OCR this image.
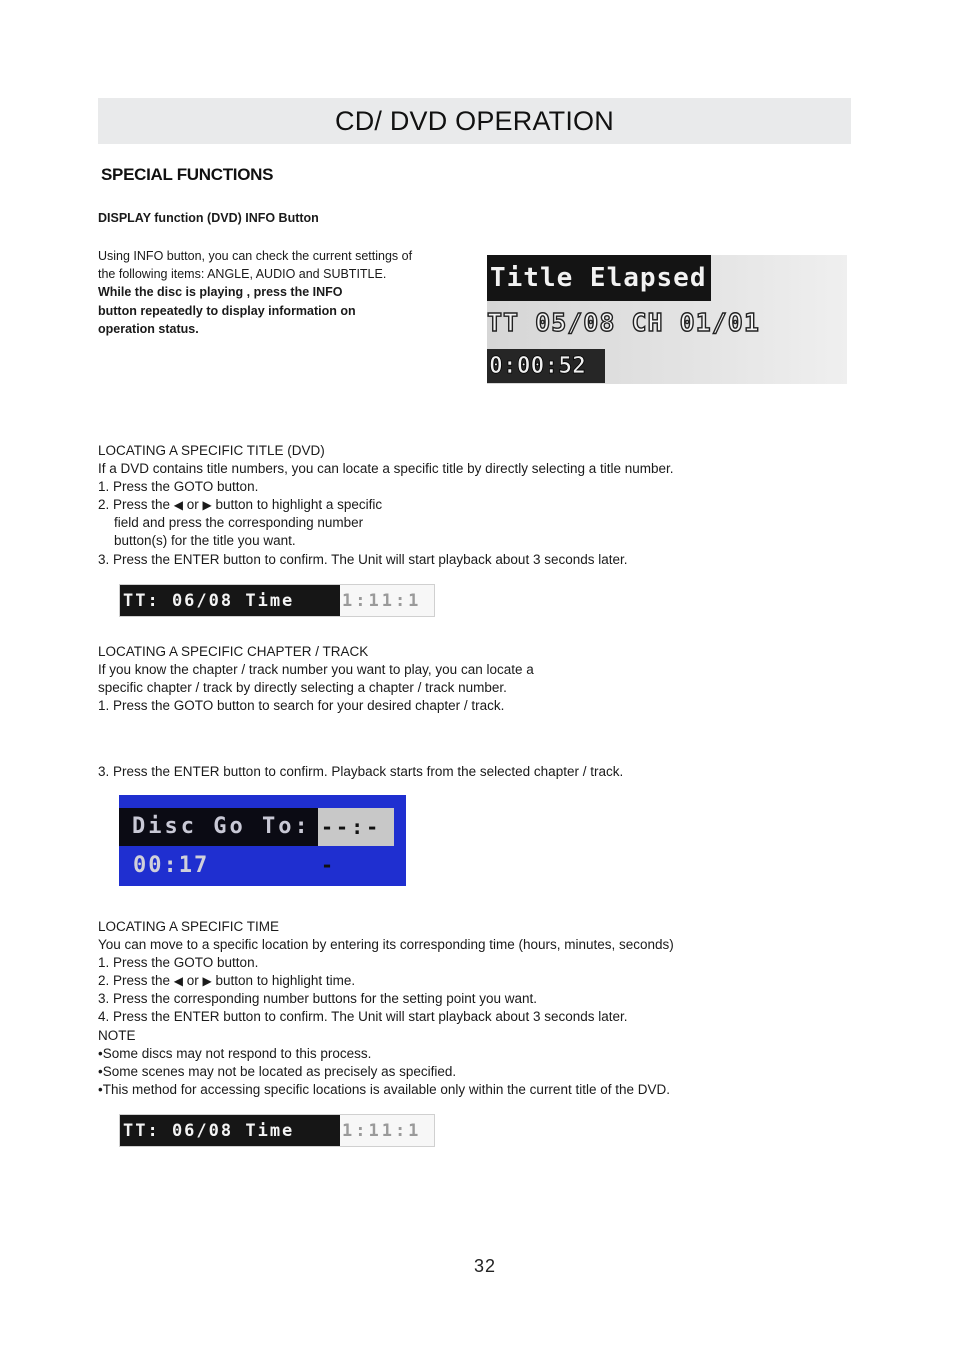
CD/ DVD OPERATION
SPECIAL FUNCTIONS
DISPLAY function (DVD) INFO Button
Using INFO button, you can check the current settings of
the following items: ANGLE, AUDIO and SUBTITLE.
While the disc is playing , press the INFO
button repeatedly to display information on
operation status.
Title Elapsed
TT 05/08 CH 01/01
0:00:52
LOCATING A SPECIFIC TITLE (DVD)
If a DVD contains title numbers, you can locate a specific title by directly selecting a title number.
1. Press the GOTO button.
2. Press the ◀ or ▶ button to highlight a specific
field and press the corresponding number
button(s) for the title you want.
3. Press the ENTER button to confirm. The Unit will start playback about 3 seconds later.
TT: 06/08 Time	1:11:1
LOCATING A SPECIFIC CHAPTER / TRACK
If you know the chapter / track number you want to play, you can locate a
specific chapter / track by directly selecting a chapter / track number.
1. Press the GOTO button to search for your desired chapter / track.
3. Press the ENTER button to confirm. Playback starts from the selected chapter / track.
Disc Go To: --:--
00:17
LOCATING A SPECIFIC TIME
You can move to a specific location by entering its corresponding time (hours, minutes, seconds)
1. Press the GOTO button.
2. Press the ◀ or ▶ button to highlight time.
3. Press the corresponding number buttons for the setting point you want.
4. Press the ENTER button to confirm. The Unit will start playback about 3 seconds later.
NOTE
•Some discs may not respond to this process.
•Some scenes may not be located as precisely as specified.
•This method for accessing specific locations is available only within the current title of the DVD.
TT: 06/08 Time	1:11:1
32
